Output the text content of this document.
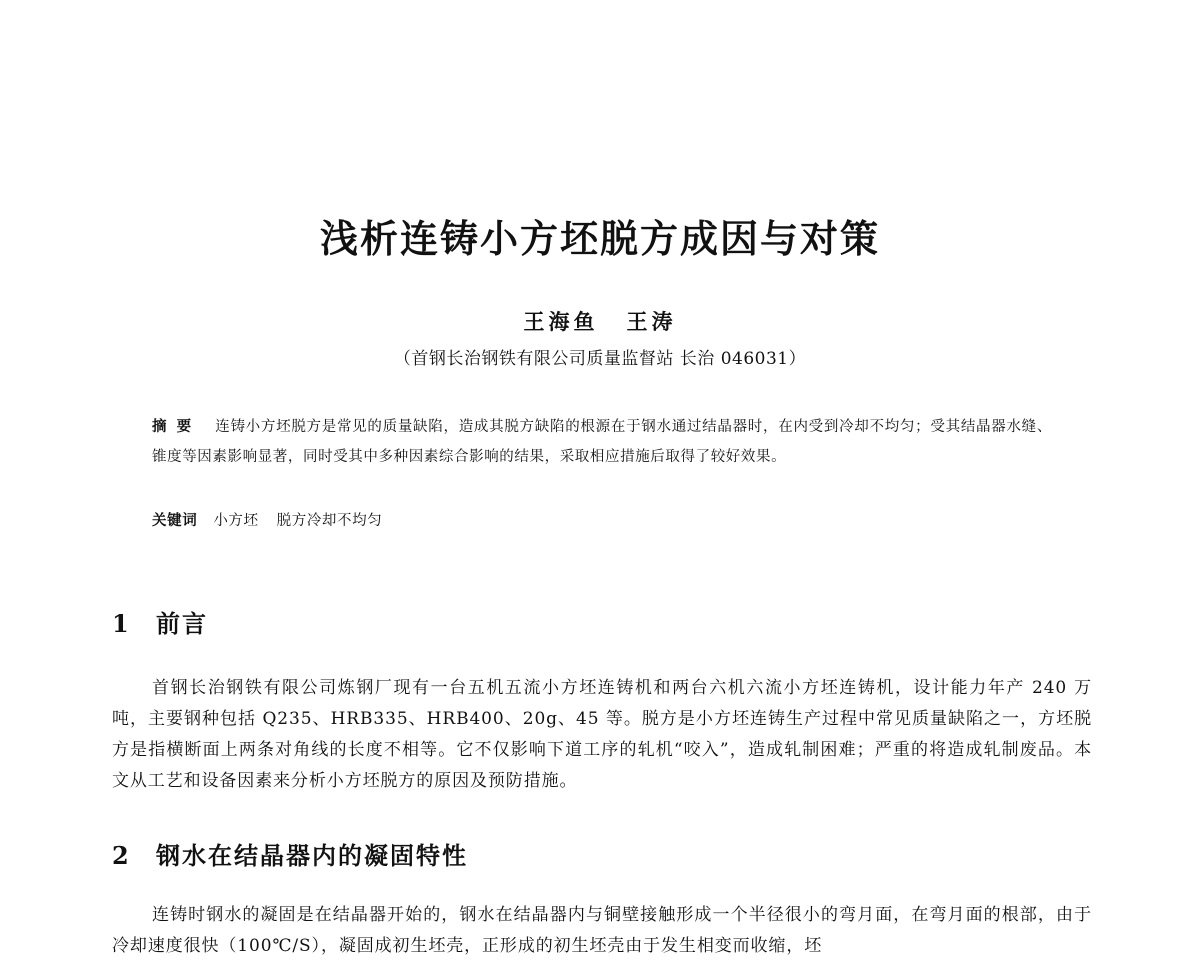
浅析连铸小方坯脱方成因与对策
王海鱼 王涛
（首钢长治钢铁有限公司质量监督站 长治 046031）
摘要 连铸小方坯脱方是常见的质量缺陷，造成其脱方缺陷的根源在于钢水通过结晶器时，在内受到冷却不均匀；受其结晶器水缝、锥度等因素影响显著，同时受其中多种因素综合影响的结果，采取相应措施后取得了较好效果。
关键词 小方坯 脱方冷却不均匀
1 前言
首钢长治钢铁有限公司炼钢厂现有一台五机五流小方坯连铸机和两台六机六流小方坯连铸机，设计能力年产 240 万吨，主要钢种包括 Q235、HRB335、HRB400、20g、45 等。脱方是小方坯连铸生产过程中常见质量缺陷之一，方坯脱方是指横断面上两条对角线的长度不相等。它不仅影响下道工序的轧机“咬入”，造成轧制困难；严重的将造成轧制废品。本文从工艺和设备因素来分析小方坯脱方的原因及预防措施。
2 钢水在结晶器内的凝固特性
连铸时钢水的凝固是在结晶器开始的，钢水在结晶器内与铜壁接触形成一个半径很小的弯月面，在弯月面的根部，由于冷却速度很快（100℃/S），凝固成初生坯壳，正形成的初生坯壳由于发生相变而收缩，坯
